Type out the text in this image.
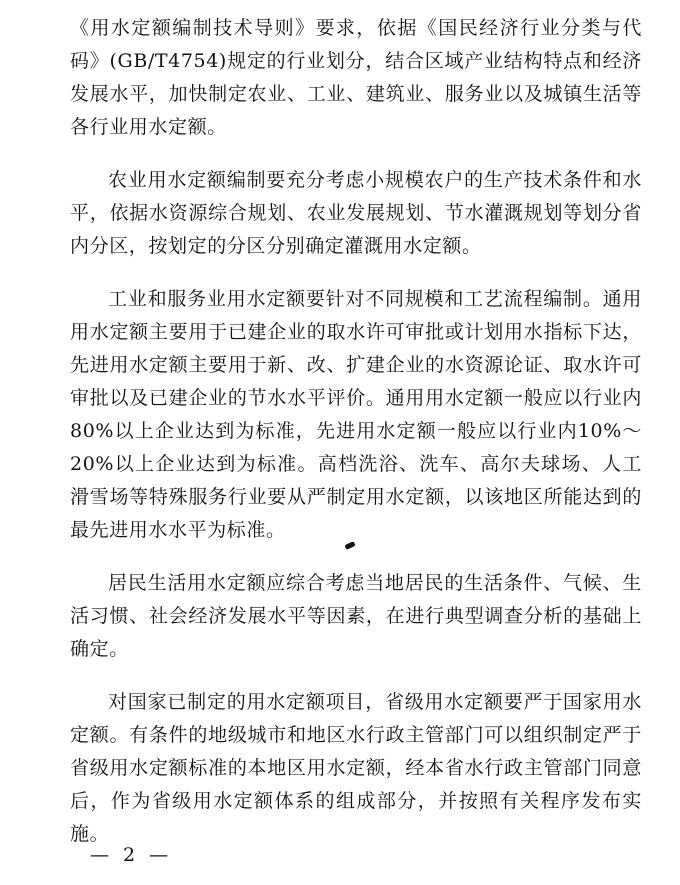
《用水定额编制技术导则》要求，依据《国民经济行业分类与代码》(GB/T4754)规定的行业划分，结合区域产业结构特点和经济发展水平，加快制定农业、工业、建筑业、服务业以及城镇生活等各行业用水定额。

农业用水定额编制要充分考虑小规模农户的生产技术条件和水平，依据水资源综合规划、农业发展规划、节水灌溉规划等划分省内分区，按划定的分区分别确定灌溉用水定额。

工业和服务业用水定额要针对不同规模和工艺流程编制。通用用水定额主要用于已建企业的取水许可审批或计划用水指标下达，先进用水定额主要用于新、改、扩建企业的水资源论证、取水许可审批以及已建企业的节水水平评价。通用用水定额一般应以行业内80%以上企业达到为标准，先进用水定额一般应以行业内10%～20%以上企业达到为标准。高档洗浴、洗车、高尔夫球场、人工滑雪场等特殊服务行业要从严制定用水定额，以该地区所能达到的最先进用水水平为标准。

居民生活用水定额应综合考虑当地居民的生活条件、气候、生活习惯、社会经济发展水平等因素，在进行典型调查分析的基础上确定。

对国家已制定的用水定额项目，省级用水定额要严于国家用水定额。有条件的地级城市和地区水行政主管部门可以组织制定严于省级用水定额标准的本地区用水定额，经本省水行政主管部门同意后，作为省级用水定额体系的组成部分，并按照有关程序发布实施。

— 2 —
